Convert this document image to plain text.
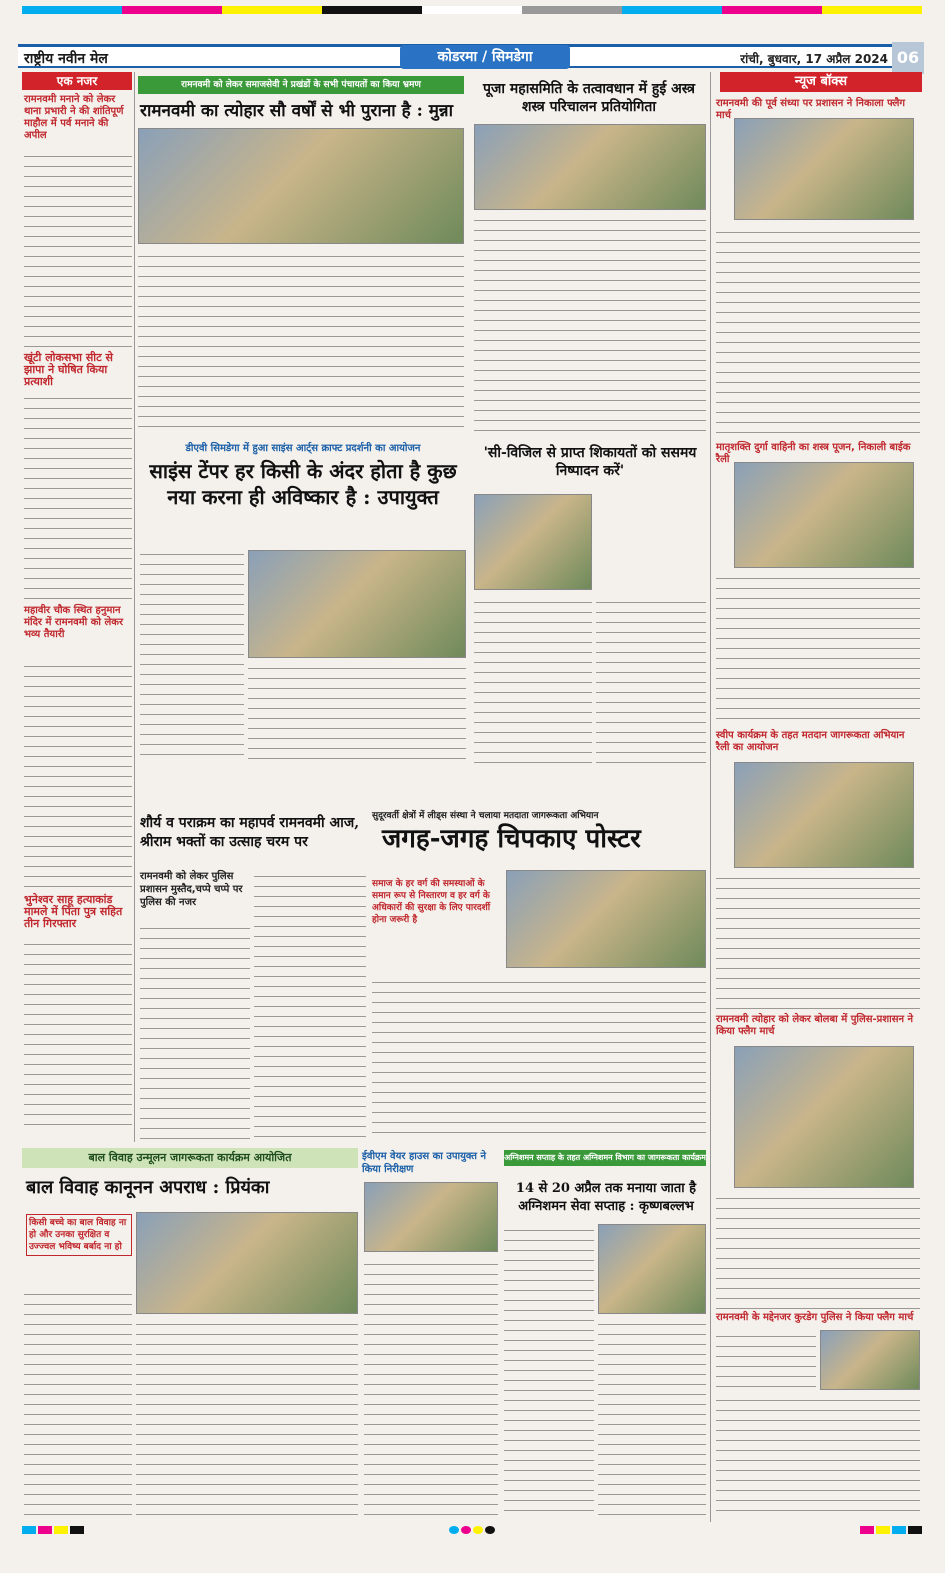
राष्ट्रीय नवीन मेल	कोडरमा / सिमडेगा	रांची, बुधवार, 17 अप्रैल 2024 06
एक नजर
रामनवमी मनाने को लेकर थाना प्रभारी ने की शांतिपूर्ण माहौल में पर्व मनाने की अपील
खूंटी लोकसभा सीट से झापा ने घोषित किया प्रत्याशी
महावीर चौक स्थित हनुमान मंदिर में रामनवमी को लेकर भव्य तैयारी
भुनेश्वर साहू हत्याकांड मामले में पिता पुत्र सहित तीन गिरफ्तार
रामनवमी को लेकर समाजसेवी ने प्रखंडों के सभी पंचायतों का किया भ्रमण
रामनवमी का त्योहार सौ वर्षों से भी पुराना है : मुन्ना
पूजा महासमिति के तत्वावधान में हुई अस्त्र शस्त्र परिचालन प्रतियोगिता
डीएवी सिमडेगा में हुआ साइंस आर्ट्स क्राफ्ट प्रदर्शनी का आयोजन
साइंस टेंपर हर किसी के अंदर होता है कुछ नया करना ही अविष्कार है : उपायुक्त
'सी-विजिल से प्राप्त शिकायतों को ससमय निष्पादन करें'
शौर्य व पराक्रम का महापर्व रामनवमी आज, श्रीराम भक्तों का उत्साह चरम पर
रामनवमी को लेकर पुलिस प्रशासन मुस्तैद,चप्पे चप्पे पर पुलिस की नजर
सुदूरवर्ती क्षेत्रों में लीड्स संस्था ने चलाया मतदाता जागरूकता अभियान
जगह-जगह चिपकाए पोस्टर
समाज के हर वर्ग की समस्याओं के समान रूप से निस्तारण व हर वर्ग के अधिकारों की सुरक्षा के लिए पारदर्शी होना जरूरी है
बाल विवाह उन्मूलन जागरूकता कार्यक्रम आयोजित
बाल विवाह कानूनन अपराध : प्रियंका
किसी बच्चे का बाल विवाह ना हो और उनका सुरक्षित व उज्ज्वल भविष्य बर्बाद ना हो
ईवीएम वेयर हाउस का उपायुक्त ने किया निरीक्षण
अग्निशमन सप्ताह के तहत अग्निशमन विभाग का जागरूकता कार्यक्रम
14 से 20 अप्रैल तक मनाया जाता है अग्निशमन सेवा सप्ताह : कृष्णबल्लभ
न्यूज बॉक्स
रामनवमी की पूर्व संध्या पर प्रशासन ने निकाला फ्लैग मार्च
मातृशक्ति दुर्गा वाहिनी का शस्त्र पूजन, निकाली बाईक रैली
स्वीप कार्यक्रम के तहत मतदान जागरूकता अभियान रैली का आयोजन
रामनवमी त्योहार को लेकर बोलबा में पुलिस-प्रशासन ने किया फ्लैग मार्च
रामनवमी के मद्देनजर कुरडेग पुलिस ने किया फ्लैग मार्च
